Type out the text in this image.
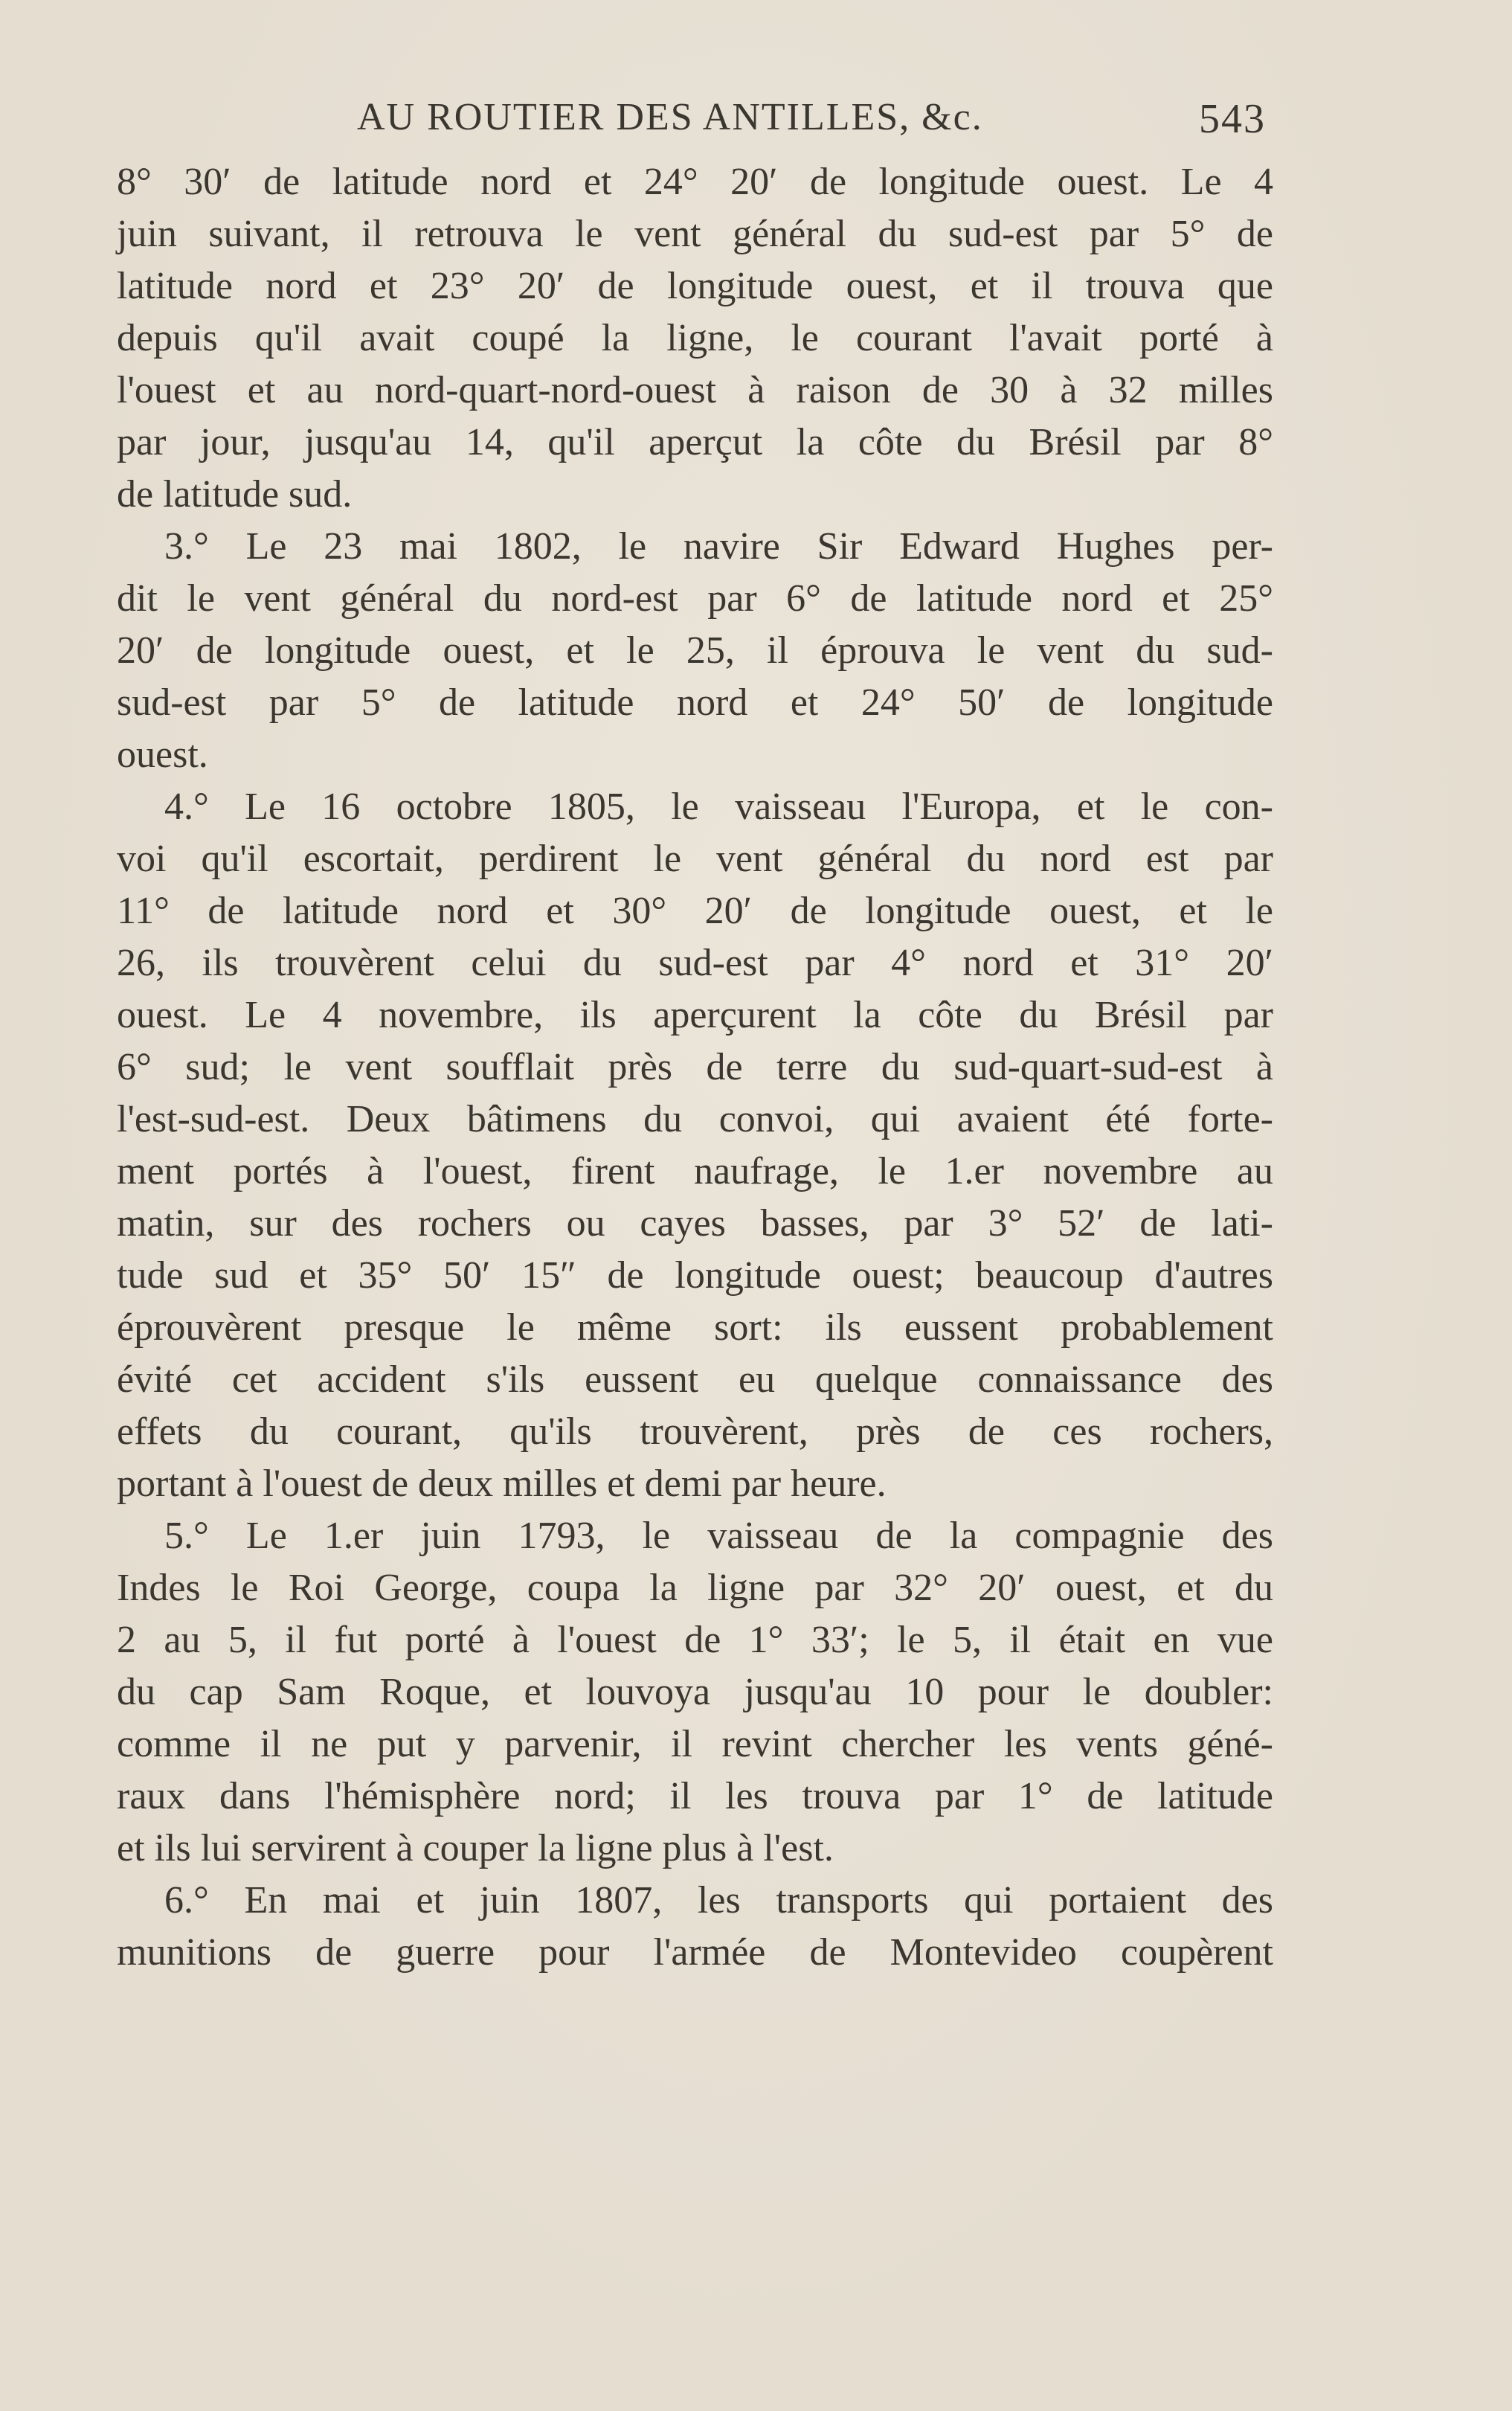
AU ROUTIER DES ANTILLES, &c.	543
8° 30′ de latitude nord et 24° 20′ de longitude ouest. Le 4
juin suivant, il retrouva le vent général du sud-est par 5° de
latitude nord et 23° 20′ de longitude ouest, et il trouva que
depuis qu'il avait coupé la ligne, le courant l'avait porté à
l'ouest et au nord-quart-nord-ouest à raison de 30 à 32 milles
par jour, jusqu'au 14, qu'il aperçut la côte du Brésil par 8°
de latitude sud.
3.° Le 23 mai 1802, le navire Sir Edward Hughes per-
dit le vent général du nord-est par 6° de latitude nord et 25°
20′ de longitude ouest, et le 25, il éprouva le vent du sud-
sud-est par 5° de latitude nord et 24° 50′ de longitude
ouest.
4.° Le 16 octobre 1805, le vaisseau l'Europa, et le con-
voi qu'il escortait, perdirent le vent général du nord est par
11° de latitude nord et 30° 20′ de longitude ouest, et le
26, ils trouvèrent celui du sud-est par 4° nord et 31° 20′
ouest. Le 4 novembre, ils aperçurent la côte du Brésil par
6° sud; le vent soufflait près de terre du sud-quart-sud-est à
l'est-sud-est. Deux bâtimens du convoi, qui avaient été forte-
ment portés à l'ouest, firent naufrage, le 1.er novembre au
matin, sur des rochers ou cayes basses, par 3° 52′ de lati-
tude sud et 35° 50′ 15″ de longitude ouest; beaucoup d'autres
éprouvèrent presque le même sort: ils eussent probablement
évité cet accident s'ils eussent eu quelque connaissance des
effets du courant, qu'ils trouvèrent, près de ces rochers,
portant à l'ouest de deux milles et demi par heure.
5.° Le 1.er juin 1793, le vaisseau de la compagnie des
Indes le Roi George, coupa la ligne par 32° 20′ ouest, et du
2 au 5, il fut porté à l'ouest de 1° 33′; le 5, il était en vue
du cap Sam Roque, et louvoya jusqu'au 10 pour le doubler:
comme il ne put y parvenir, il revint chercher les vents géné-
raux dans l'hémisphère nord; il les trouva par 1° de latitude
et ils lui servirent à couper la ligne plus à l'est.
6.° En mai et juin 1807, les transports qui portaient des
munitions de guerre pour l'armée de Montevideo coupèrent
